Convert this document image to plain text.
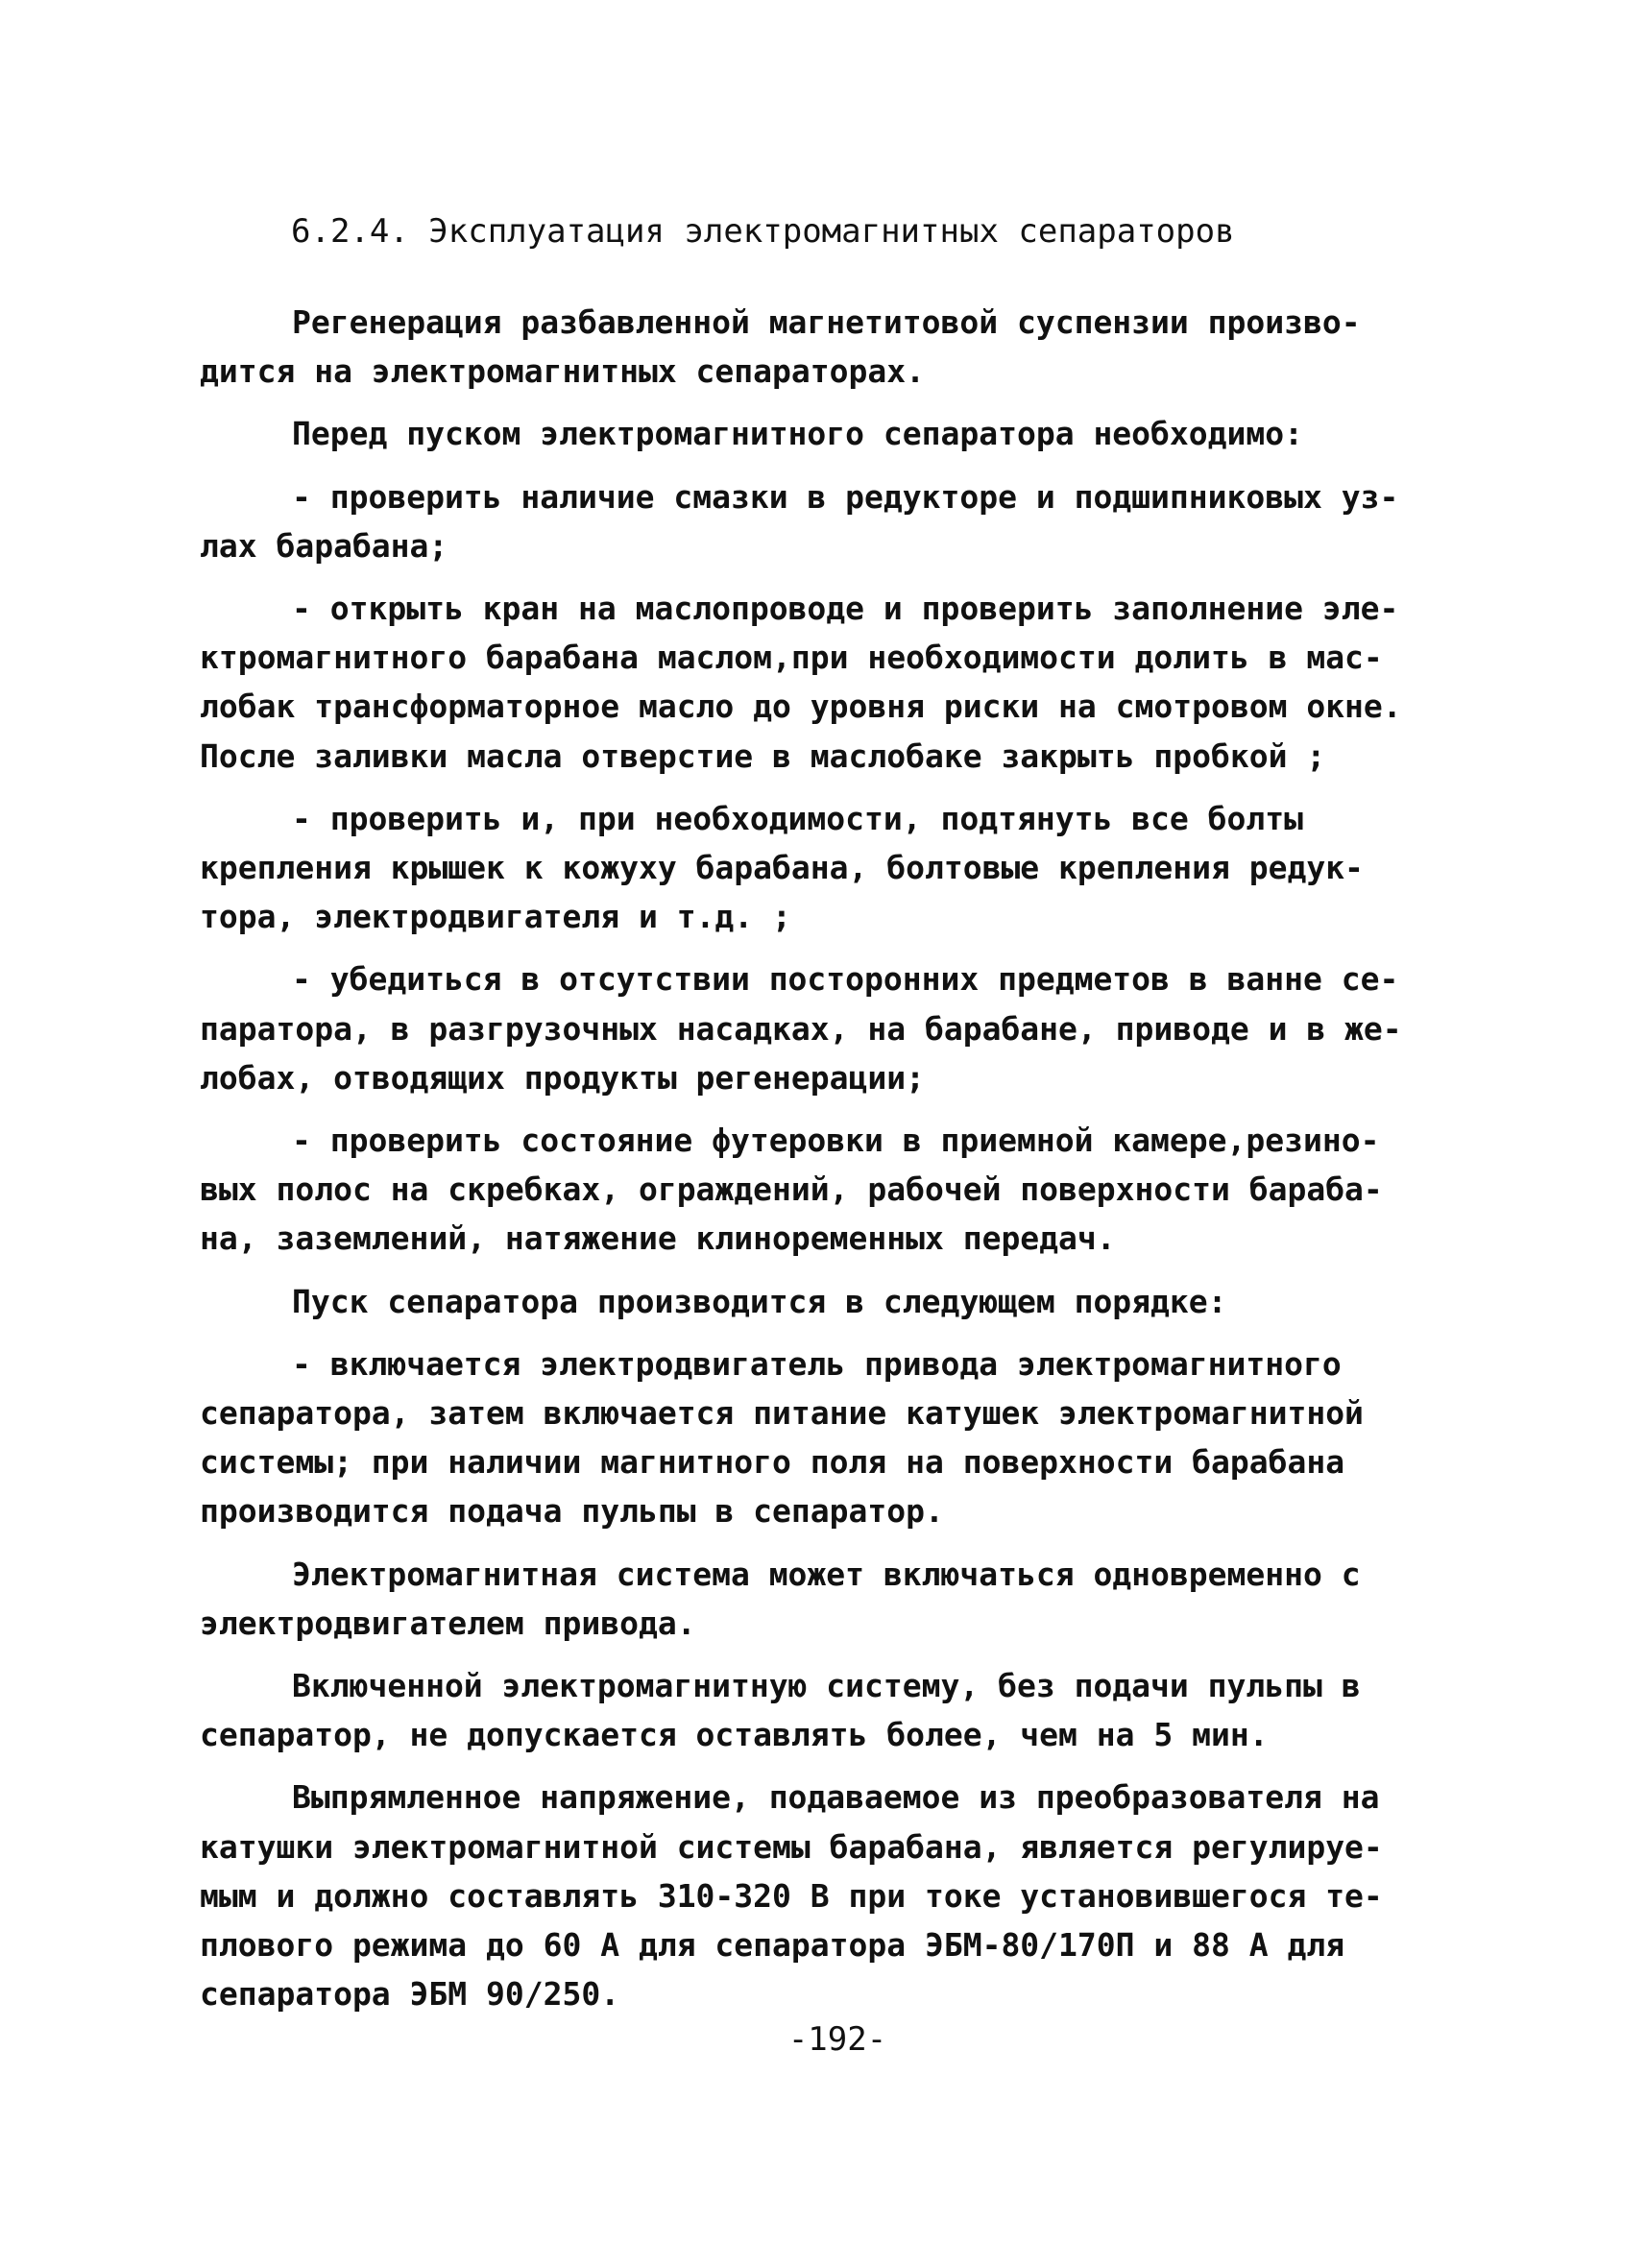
6.2.4. Эксплуатация электромагнитных сепараторов

Регенерация разбавленной магнетитовой суспензии произво-
дится на электромагнитных сепараторах.

Перед пуском электромагнитного сепаратора необходимо:

- проверить наличие смазки в редукторе и подшипниковых уз-
лах барабана;

- открыть кран на маслопроводе и проверить заполнение эле-
ктромагнитного барабана маслом,при необходимости долить в мас-
лобак трансформаторное масло до уровня риски на смотровом окне.
После заливки масла отверстие в маслобаке закрыть пробкой ;

- проверить и, при необходимости, подтянуть все болты
крепления крышек к кожуху барабана, болтовые крепления редук-
тора, электродвигателя и т.д. ;

- убедиться в отсутствии посторонних предметов в ванне се-
паратора, в разгрузочных насадках, на барабане, приводе и в же-
лобах, отводящих продукты регенерации;

- проверить состояние футеровки в приемной камере,резино-
вых полос на скребках, ограждений, рабочей поверхности бараба-
на, заземлений, натяжение клиноременных передач.

Пуск сепаратора производится в следующем порядке:

- включается электродвигатель привода электромагнитного
сепаратора, затем включается питание катушек электромагнитной
системы; при наличии магнитного поля на поверхности барабана
производится подача пульпы в сепаратор.

Электромагнитная система может включаться одновременно с
электродвигателем привода.

Включенной электромагнитную систему, без подачи пульпы в
сепаратор, не допускается оставлять более, чем на 5 мин.

Выпрямленное напряжение, подаваемое из преобразователя на
катушки электромагнитной системы барабана, является регулируе-
мым и должно составлять 310-320 В при токе установившегося те-
плового режима до 60 А для сепаратора ЭБМ-80/170П и 88 А для
сепаратора ЭБМ 90/250.

-192-
